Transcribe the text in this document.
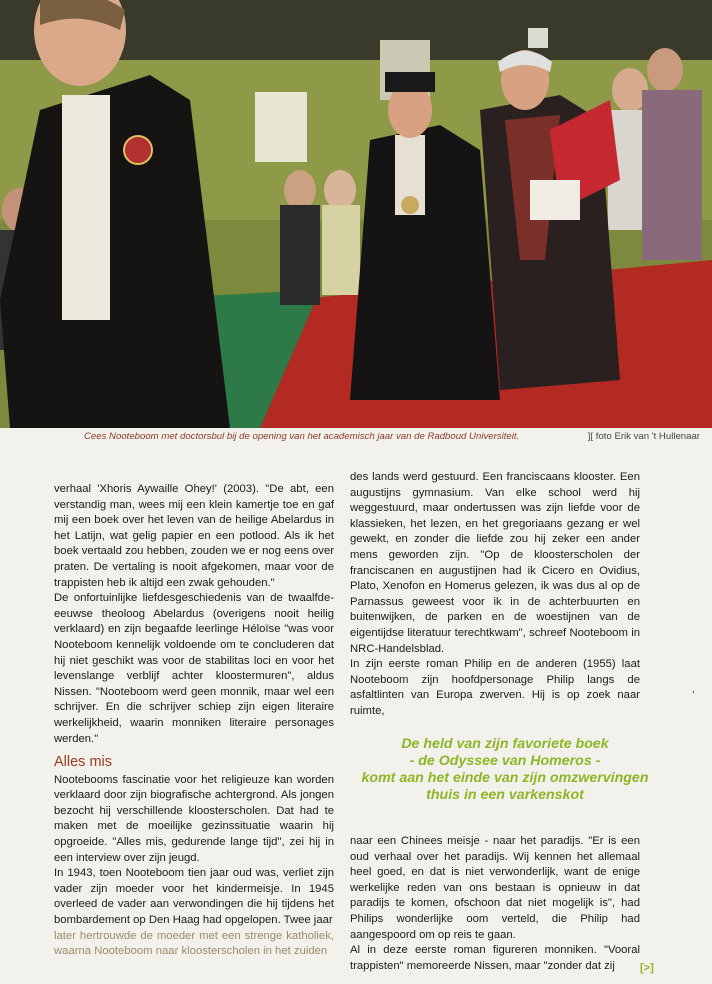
Cees Nooteboom met doctorsbul bij de opening van het academisch jaar van de Radboud Universiteit.	][ foto Erik van 't Hullenaar

verhaal 'Xhoris Aywaille Ohey!' (2003). "De abt, een verstandig man, wees mij een klein kamertje toe en gaf mij een boek over het leven van de heilige Abelardus in het Latijn, wat gelig papier en een potlood. Als ik het boek vertaald zou hebben, zouden we er nog eens over praten. De vertaling is nooit afgekomen, maar voor de trappisten heb ik altijd een zwak gehouden."

De onfortuinlijke liefdesgeschiedenis van de twaalfde-eeuwse theoloog Abelardus (overigens nooit heilig verklaard) en zijn begaafde leerlinge Héloïse "was voor Nooteboom kennelijk voldoende om te concluderen dat hij niet geschikt was voor de stabilitas loci en voor het levenslange verblijf achter kloostermuren", aldus Nissen. "Nooteboom werd geen monnik, maar wel een schrijver. En die schrijver schiep zijn eigen literaire werkelijkheid, waarin monniken literaire personages werden."

Alles mis

Nootebooms fascinatie voor het religieuze kan worden verklaard door zijn biografische achtergrond. Als jongen bezocht hij verschillende kloosterscholen. Dat had te maken met de moeilijke gezinssituatie waarin hij opgroeide. "Alles mis, gedurende lange tijd", zei hij in een interview over zijn jeugd.

In 1943, toen Nooteboom tien jaar oud was, verliet zijn vader zijn moeder voor het kindermeisje. In 1945 overleed de vader aan verwondingen die hij tijdens het bombardement op Den Haag had opgelopen. Twee jaar

later hertrouwde de moeder met een strenge katholiek, waarna Nooteboom naar kloosterscholen in het zuiden

des lands werd gestuurd. Een franciscaans klooster. Een augustijns gymnasium. Van elke school werd hij weggestuurd, maar ondertussen was zijn liefde voor de klassieken, het lezen, en het gregoriaans gezang er wel gewekt, en zonder die liefde zou hij zeker een ander mens geworden zijn. "Op de kloosterscholen der franciscanen en augustijnen had ik Cicero en Ovidius, Plato, Xenofon en Homerus gelezen, ik was dus al op de Parnassus geweest voor ik in de achterbuurten en buitenwijken, de parken en de woestijnen van de eigentijdse literatuur terechtkwam", schreef Nooteboom in NRC-Handelsblad.

In zijn eerste roman Philip en de anderen (1955) laat Nooteboom zijn hoofdpersonage Philip langs de asfaltlinten van Europa zwerven. Hij is op zoek naar ruimte,

,
De held van zijn favoriete boek
- de Odyssee van Homeros -
komt aan het einde van zijn omzwervingen
thuis in een varkenskot

naar een Chinees meisje - naar het paradijs. "Er is een oud verhaal over het paradijs. Wij kennen het allemaal heel goed, en dat is niet verwonderlijk, want de enige werkelijke reden van ons bestaan is opnieuw in dat paradijs te komen, ofschoon dat niet mogelijk is", had Philips wonderlijke oom verteld, die Philip had aangespoord om op reis te gaan.

Al in deze eerste roman figureren monniken. "Vooral trappisten" memoreerde Nissen, maar "zonder dat zij	[>]
